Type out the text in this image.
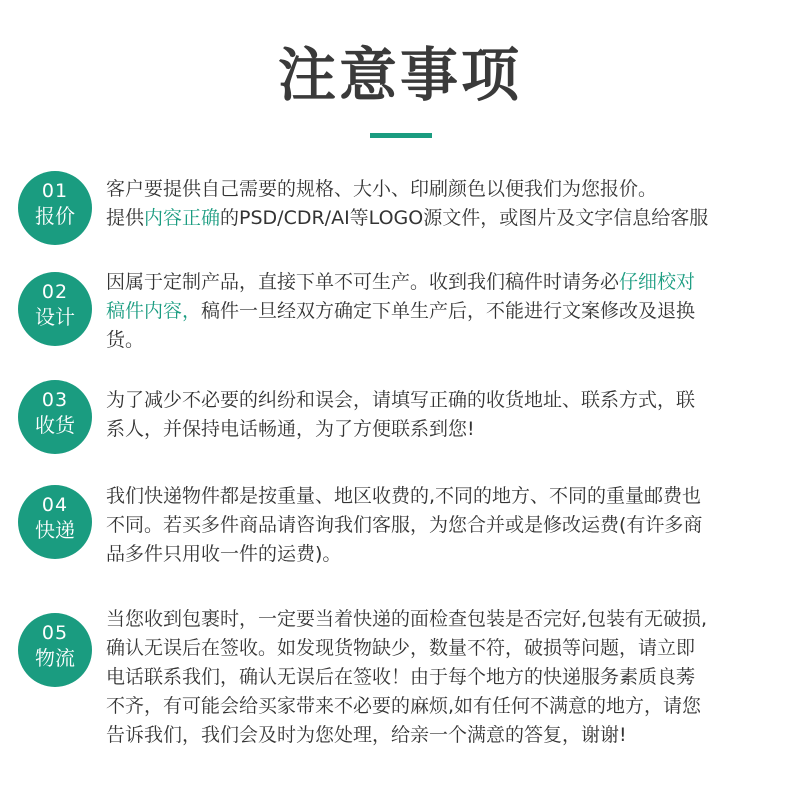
注意事项
01
报价
客户要提供自己需要的规格、大小、印刷颜色以便我们为您报价。
提供内容正确的PSD/CDR/AI等LOGO源文件，或图片及文字信息给客服
02
设计
因属于定制产品，直接下单不可生产。收到我们稿件时请务必仔细校对
稿件内容，稿件一旦经双方确定下单生产后，不能进行文案修改及退换
货。
03
收货
为了减少不必要的纠纷和误会，请填写正确的收货地址、联系方式，联
系人，并保持电话畅通，为了方便联系到您!
04
快递
我们快递物件都是按重量、地区收费的,不同的地方、不同的重量邮费也
不同。若买多件商品请咨询我们客服，为您合并或是修改运费(有许多商
品多件只用收一件的运费)。
05
物流
当您收到包裹时，一定要当着快递的面检查包装是否完好,包装有无破损,
确认无误后在签收。如发现货物缺少，数量不符，破损等问题，请立即
电话联系我们，确认无误后在签收！由于每个地方的快递服务素质良莠
不齐，有可能会给买家带来不必要的麻烦,如有任何不满意的地方，请您
告诉我们，我们会及时为您处理，给亲一个满意的答复，谢谢!
